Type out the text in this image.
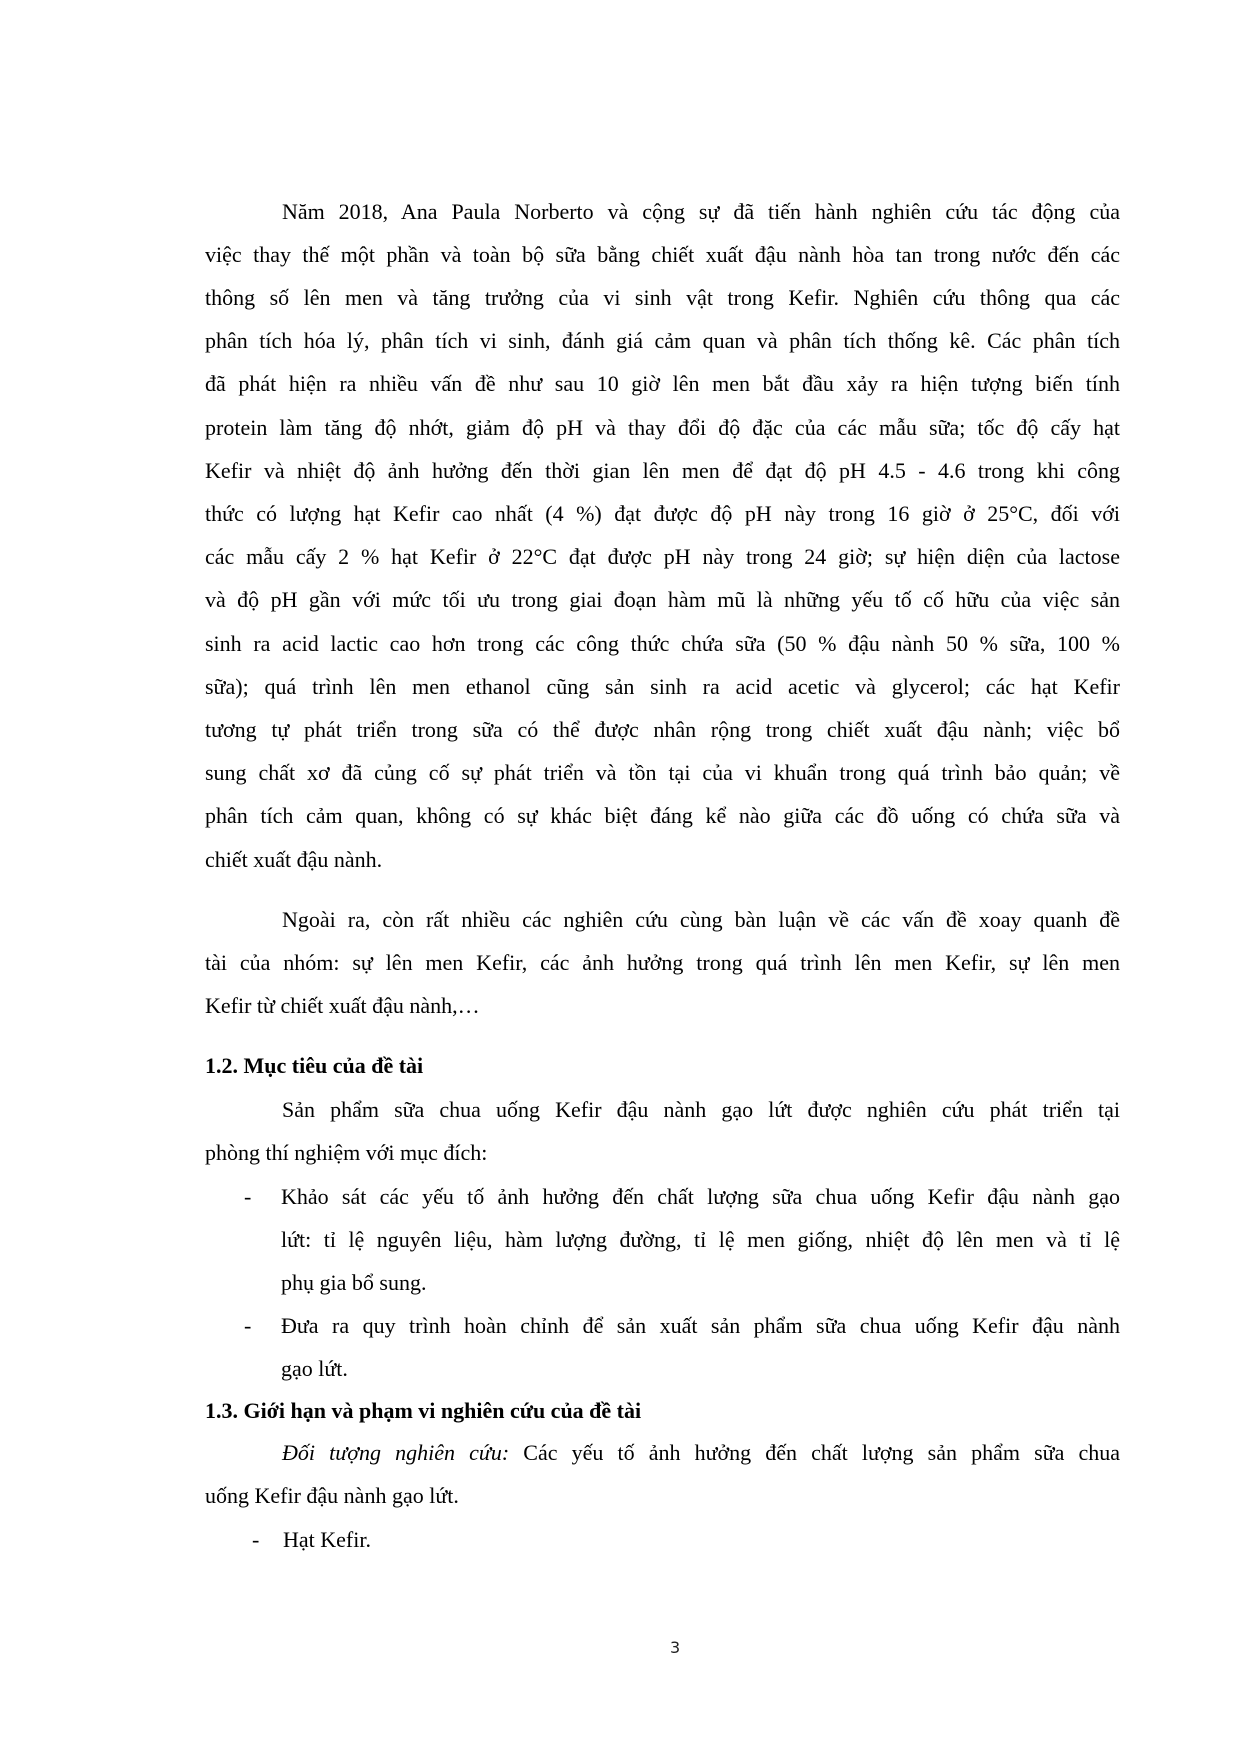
Năm 2018, Ana Paula Norberto và cộng sự đã tiến hành nghiên cứu tác động của
việc thay thế một phần và toàn bộ sữa bằng chiết xuất đậu nành hòa tan trong nước đến các
thông số lên men và tăng trưởng của vi sinh vật trong Kefir. Nghiên cứu thông qua các
phân tích hóa lý, phân tích vi sinh, đánh giá cảm quan và phân tích thống kê. Các phân tích
đã phát hiện ra nhiều vấn đề như sau 10 giờ lên men bắt đầu xảy ra hiện tượng biến tính
protein làm tăng độ nhớt, giảm độ pH và thay đổi độ đặc của các mẫu sữa; tốc độ cấy hạt
Kefir và nhiệt độ ảnh hưởng đến thời gian lên men để đạt độ pH 4.5 - 4.6 trong khi công
thức có lượng hạt Kefir cao nhất (4 %) đạt được độ pH này trong 16 giờ ở 25°C, đối với
các mẫu cấy 2 % hạt Kefir ở 22°C đạt được pH này trong 24 giờ; sự hiện diện của lactose
và độ pH gần với mức tối ưu trong giai đoạn hàm mũ là những yếu tố cố hữu của việc sản
sinh ra acid lactic cao hơn trong các công thức chứa sữa (50 % đậu nành 50 % sữa, 100 %
sữa); quá trình lên men ethanol cũng sản sinh ra acid acetic và glycerol; các hạt Kefir
tương tự phát triển trong sữa có thể được nhân rộng trong chiết xuất đậu nành; việc bổ
sung chất xơ đã củng cố sự phát triển và tồn tại của vi khuẩn trong quá trình bảo quản; về
phân tích cảm quan, không có sự khác biệt đáng kể nào giữa các đồ uống có chứa sữa và
chiết xuất đậu nành.
Ngoài ra, còn rất nhiều các nghiên cứu cùng bàn luận về các vấn đề xoay quanh đề
tài của nhóm: sự lên men Kefir, các ảnh hưởng trong quá trình lên men Kefir, sự lên men
Kefir từ chiết xuất đậu nành,…
1.2. Mục tiêu của đề tài
Sản phẩm sữa chua uống Kefir đậu nành gạo lứt được nghiên cứu phát triển tại
phòng thí nghiệm với mục đích:
- Khảo sát các yếu tố ảnh hưởng đến chất lượng sữa chua uống Kefir đậu nành gạo
lứt: tỉ lệ nguyên liệu, hàm lượng đường, tỉ lệ men giống, nhiệt độ lên men và tỉ lệ
phụ gia bổ sung.
- Đưa ra quy trình hoàn chỉnh để sản xuất sản phẩm sữa chua uống Kefir đậu nành
gạo lứt.
1.3. Giới hạn và phạm vi nghiên cứu của đề tài
Đối tượng nghiên cứu: Các yếu tố ảnh hưởng đến chất lượng sản phẩm sữa chua
uống Kefir đậu nành gạo lứt.
- Hạt Kefir.
3
